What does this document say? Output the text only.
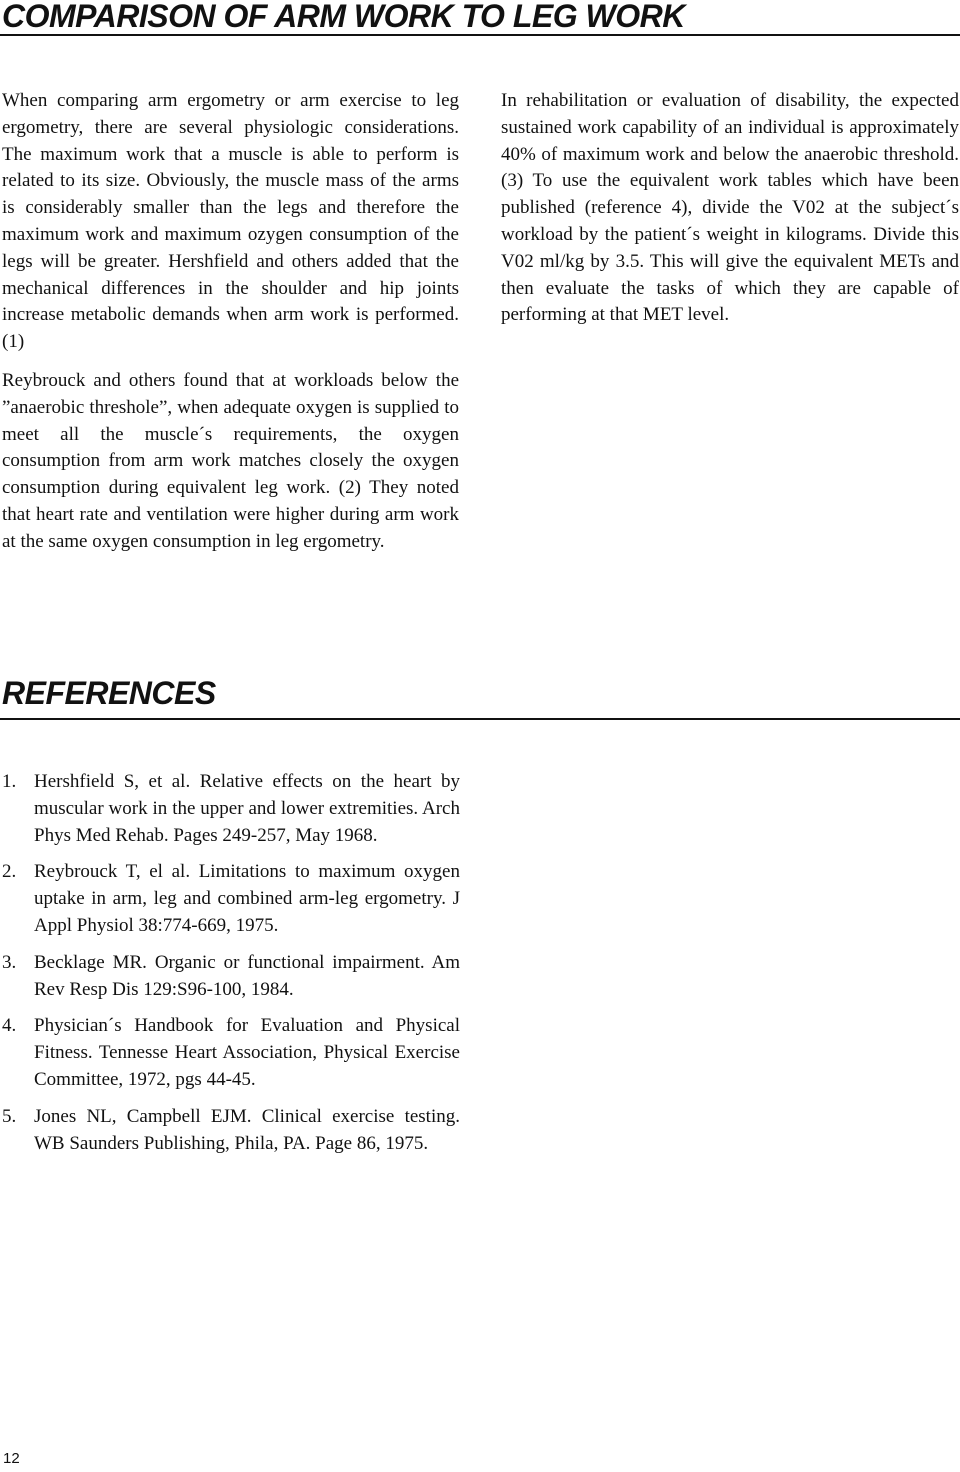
COMPARISON OF ARM WORK TO LEG WORK

When comparing arm ergometry or arm exercise to leg ergometry, there are several physiologic considerations. The maximum work that a muscle is able to perform is related to its size. Obviously, the muscle mass of the arms is considerably smaller than the legs and therefore the maximum work and maximum ozygen consumption of the legs will be greater. Hershfield and others added that the mechanical differences in the shoulder and hip joints increase metabolic demands when arm work is performed. (1)

Reybrouck and others found that at workloads below the ”anaerobic threshole”, when adequate oxygen is supplied to meet all the muscle´s requirements, the oxygen consumption from arm work matches closely the oxygen consumption during equivalent leg work. (2) They noted that heart rate and ventilation were higher during arm work at the same oxygen consumption in leg ergometry.

In rehabilitation or evaluation of disability, the expected sustained work capability of an individual is approximately 40% of maximum work and below the anaerobic threshold. (3) To use the equivalent work tables which have been published (reference 4), divide the V02 at the subject´s workload by the patient´s weight in kilograms. Divide this V02 ml/kg by 3.5. This will give the equivalent METs and then evaluate the tasks of which they are capable of performing at that MET level.

REFERENCES
1. Hershfield S, et al. Relative effects on the heart by muscular work in the upper and lower extremities. Arch Phys Med Rehab. Pages 249-257, May 1968.
2. Reybrouck T, el al. Limitations to maximum oxygen uptake in arm, leg and combined arm-leg ergometry. J Appl Physiol 38:774-669, 1975.
3. Becklage MR. Organic or functional impairment. Am Rev Resp Dis 129:S96-100, 1984.
4. Physician´s Handbook for Evaluation and Physical Fitness. Tennesse Heart Association, Physical Exercise Committee, 1972, pgs 44-45.
5. Jones NL, Campbell EJM. Clinical exercise testing. WB Saunders Publishing, Phila, PA. Page 86, 1975.
12
